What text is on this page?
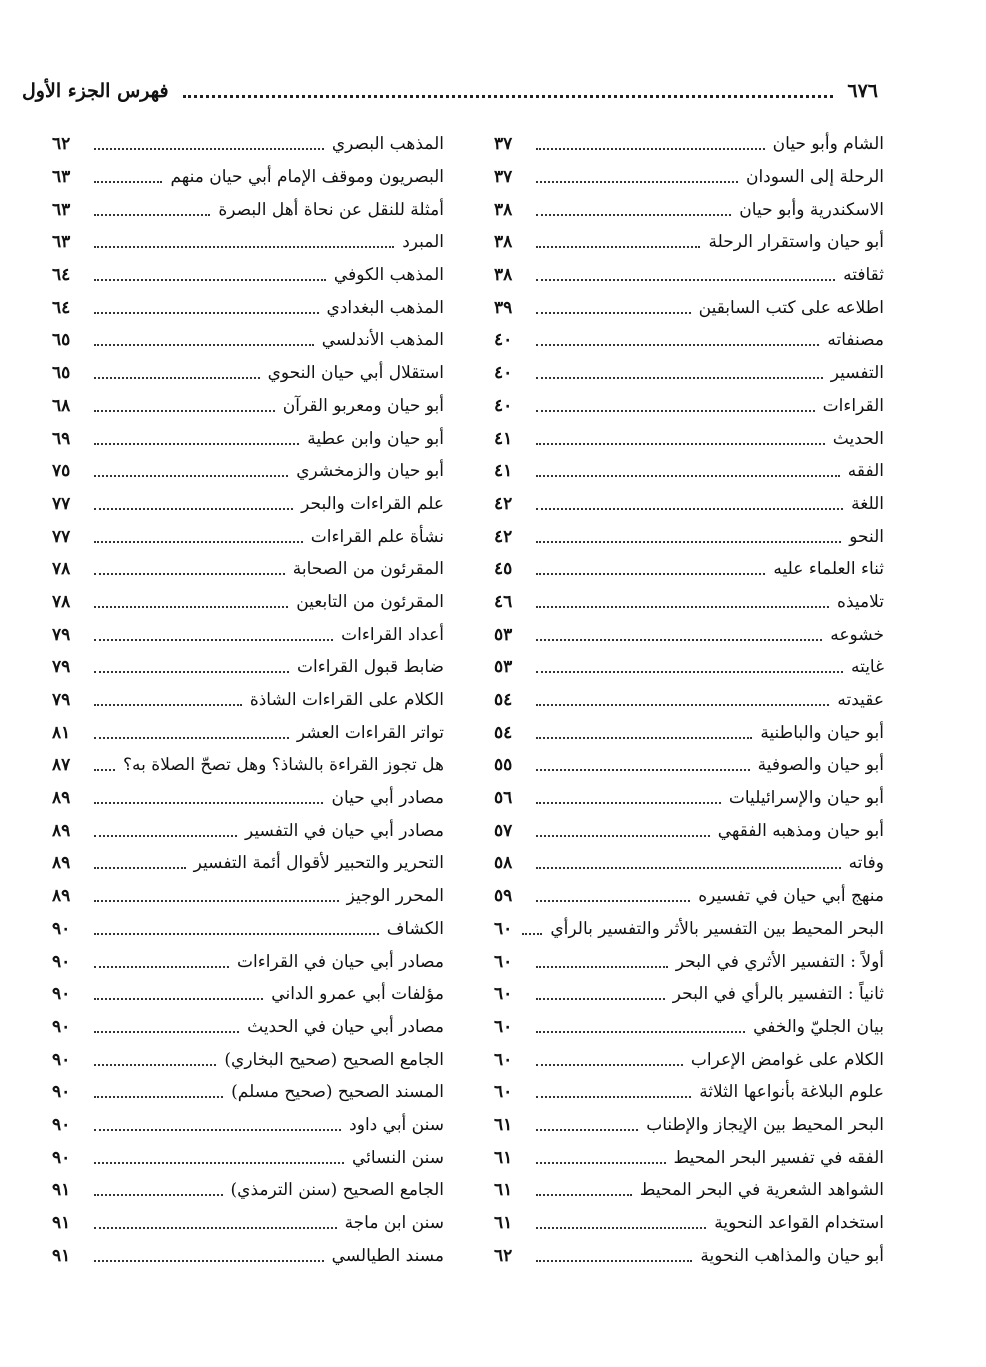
٦٧٦
فهرس الجزء الأول
الشام وأبو حيان
٣٧
الرحلة إلى السودان
٣٧
الاسكندرية وأبو حيان
٣٨
أبو حيان واستقرار الرحلة
٣٨
ثقافته
٣٨
اطلاعه على كتب السابقين
٣٩
مصنفاته
٤٠
التفسير
٤٠
القراءات
٤٠
الحديث
٤١
الفقه
٤١
اللغة
٤٢
النحو
٤٢
ثناء العلماء عليه
٤٥
تلاميذه
٤٦
خشوعه
٥٣
غايته
٥٣
عقيدته
٥٤
أبو حيان والباطنية
٥٤
أبو حيان والصوفية
٥٥
أبو حيان والإسرائيليات
٥٦
أبو حيان ومذهبه الفقهي
٥٧
وفاته
٥٨
منهج أبي حيان في تفسيره
٥٩
البحر المحيط بين التفسير بالأثر والتفسير بالرأي
٦٠
أولاً : التفسير الأثري في البحر
٦٠
ثانياً : التفسير بالرأي في البحر
٦٠
بيان الجليّ والخفي
٦٠
الكلام على غوامض الإعراب
٦٠
علوم البلاغة بأنواعها الثلاثة
٦٠
البحر المحيط بين الإيجاز والإطناب
٦١
الفقه في تفسير البحر المحيط
٦١
الشواهد الشعرية في البحر المحيط
٦١
استخدام القواعد النحوية
٦١
أبو حيان والمذاهب النحوية
٦٢
المذهب البصري
٦٢
البصريون وموقف الإمام أبي حيان منهم
٦٣
أمثلة للنقل عن نحاة أهل البصرة
٦٣
المبرد
٦٣
المذهب الكوفي
٦٤
المذهب البغدادي
٦٤
المذهب الأندلسي
٦٥
استقلال أبي حيان النحوي
٦٥
أبو حيان ومعربو القرآن
٦٨
أبو حيان وابن عطية
٦٩
أبو حيان والزمخشري
٧٥
علم القراءات والبحر
٧٧
نشأة علم القراءات
٧٧
المقرئون من الصحابة
٧٨
المقرئون من التابعين
٧٨
أعداد القراءات
٧٩
ضابط قبول القراءات
٧٩
الكلام على القراءات الشاذة
٧٩
تواتر القراءات العشر
٨١
هل تجوز القراءة بالشاذ؟ وهل تصحّ الصلاة به؟
٨٧
مصادر أبي حيان
٨٩
مصادر أبي حيان في التفسير
٨٩
التحرير والتحبير لأقوال أئمة التفسير
٨٩
المحرر الوجيز
٨٩
الكشاف
٩٠
مصادر أبي حيان في القراءات
٩٠
مؤلفات أبي عمرو الداني
٩٠
مصادر أبي حيان في الحديث
٩٠
الجامع الصحيح (صحيح البخاري)
٩٠
المسند الصحيح (صحيح مسلم)
٩٠
سنن أبي داود
٩٠
سنن النسائي
٩٠
الجامع الصحيح (سنن الترمذي)
٩١
سنن ابن ماجة
٩١
مسند الطيالسي
٩١
